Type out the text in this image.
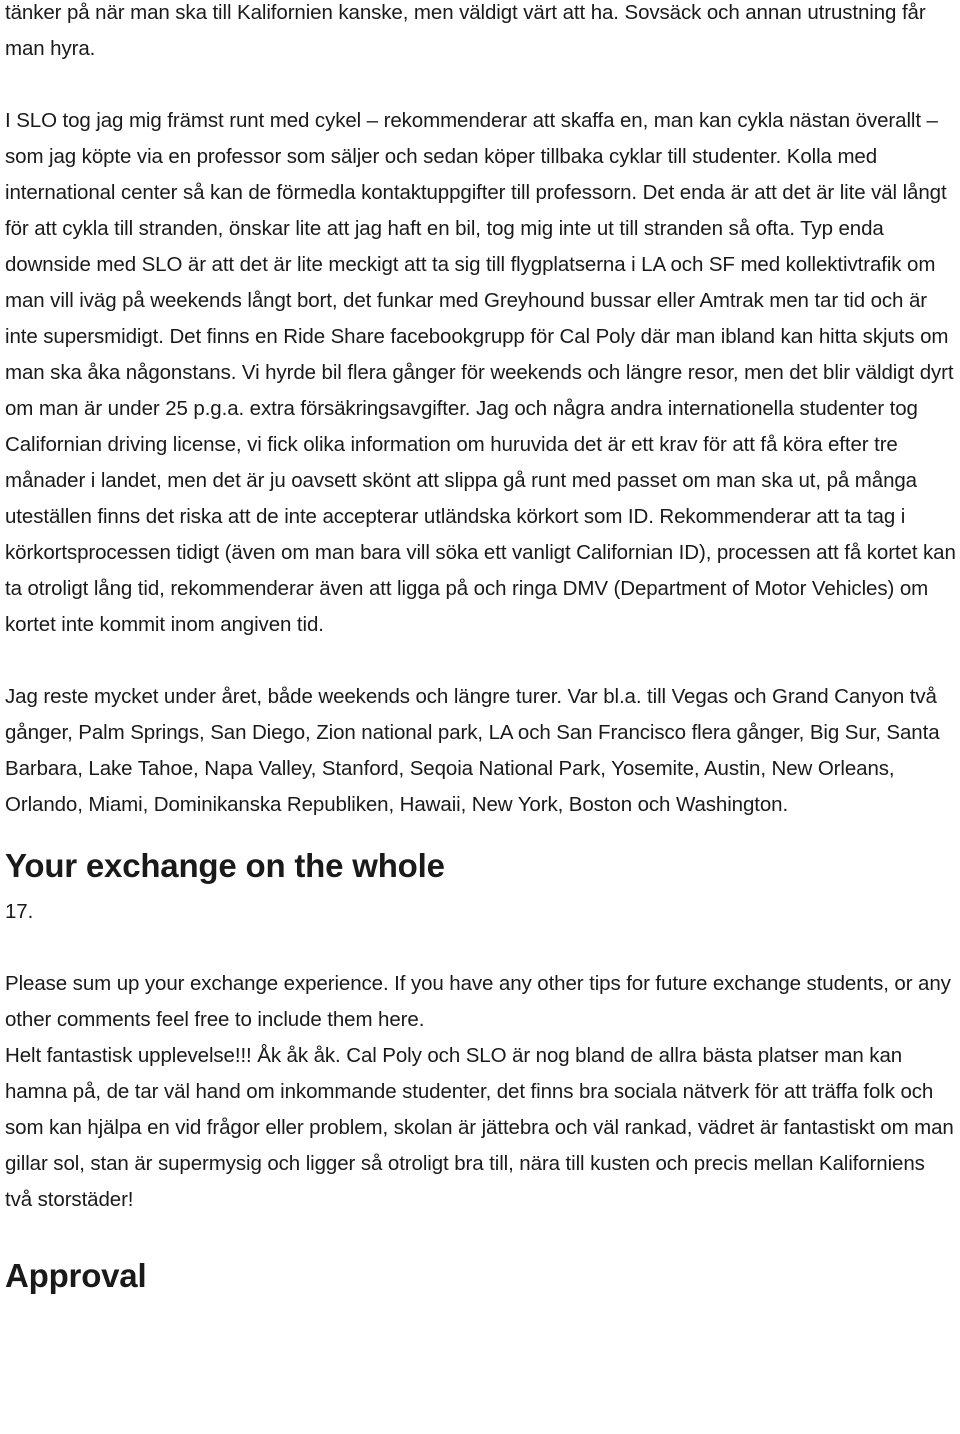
tänker på när man ska till Kalifornien kanske, men väldigt värt att ha. Sovsäck och annan utrustning får man hyra.

I SLO tog jag mig främst runt med cykel – rekommenderar att skaffa en, man kan cykla nästan överallt – som jag köpte via en professor som säljer och sedan köper tillbaka cyklar till studenter. Kolla med international center så kan de förmedla kontaktuppgifter till professorn. Det enda är att det är lite väl långt för att cykla till stranden, önskar lite att jag haft en bil, tog mig inte ut till stranden så ofta. Typ enda downside med SLO är att det är lite meckigt att ta sig till flygplatserna i LA och SF med kollektivtrafik om man vill iväg på weekends långt bort, det funkar med Greyhound bussar eller Amtrak men tar tid och är inte supersmidigt. Det finns en Ride Share facebookgrupp för Cal Poly där man ibland kan hitta skjuts om man ska åka någonstans. Vi hyrde bil flera gånger för weekends och längre resor, men det blir väldigt dyrt om man är under 25 p.g.a. extra försäkringsavgifter. Jag och några andra internationella studenter tog Californian driving license, vi fick olika information om huruvida det är ett krav för att få köra efter tre månader i landet, men det är ju oavsett skönt att slippa gå runt med passet om man ska ut, på många uteställen finns det riska att de inte accepterar utländska körkort som ID. Rekommenderar att ta tag i körkortsprocessen tidigt (även om man bara vill söka ett vanligt Californian ID), processen att få kortet kan ta otroligt lång tid, rekommenderar även att ligga på och ringa DMV (Department of Motor Vehicles) om kortet inte kommit inom angiven tid.

Jag reste mycket under året, både weekends och längre turer. Var bl.a. till Vegas och Grand Canyon två gånger, Palm Springs, San Diego, Zion national park, LA och San Francisco flera gånger, Big Sur, Santa Barbara, Lake Tahoe, Napa Valley, Stanford, Seqoia National Park, Yosemite, Austin, New Orleans, Orlando, Miami, Dominikanska Republiken, Hawaii, New York, Boston och Washington.

Your exchange on the whole

17.

Please sum up your exchange experience. If you have any other tips for future exchange students, or any other comments feel free to include them here.

Helt fantastisk upplevelse!!! Åk åk åk. Cal Poly och SLO är nog bland de allra bästa platser man kan hamna på, de tar väl hand om inkommande studenter, det finns bra sociala nätverk för att träffa folk och som kan hjälpa en vid frågor eller problem, skolan är jättebra och väl rankad, vädret är fantastiskt om man gillar sol, stan är supermysig och ligger så otroligt bra till, nära till kusten och precis mellan Kaliforniens två storstäder!

Approval
